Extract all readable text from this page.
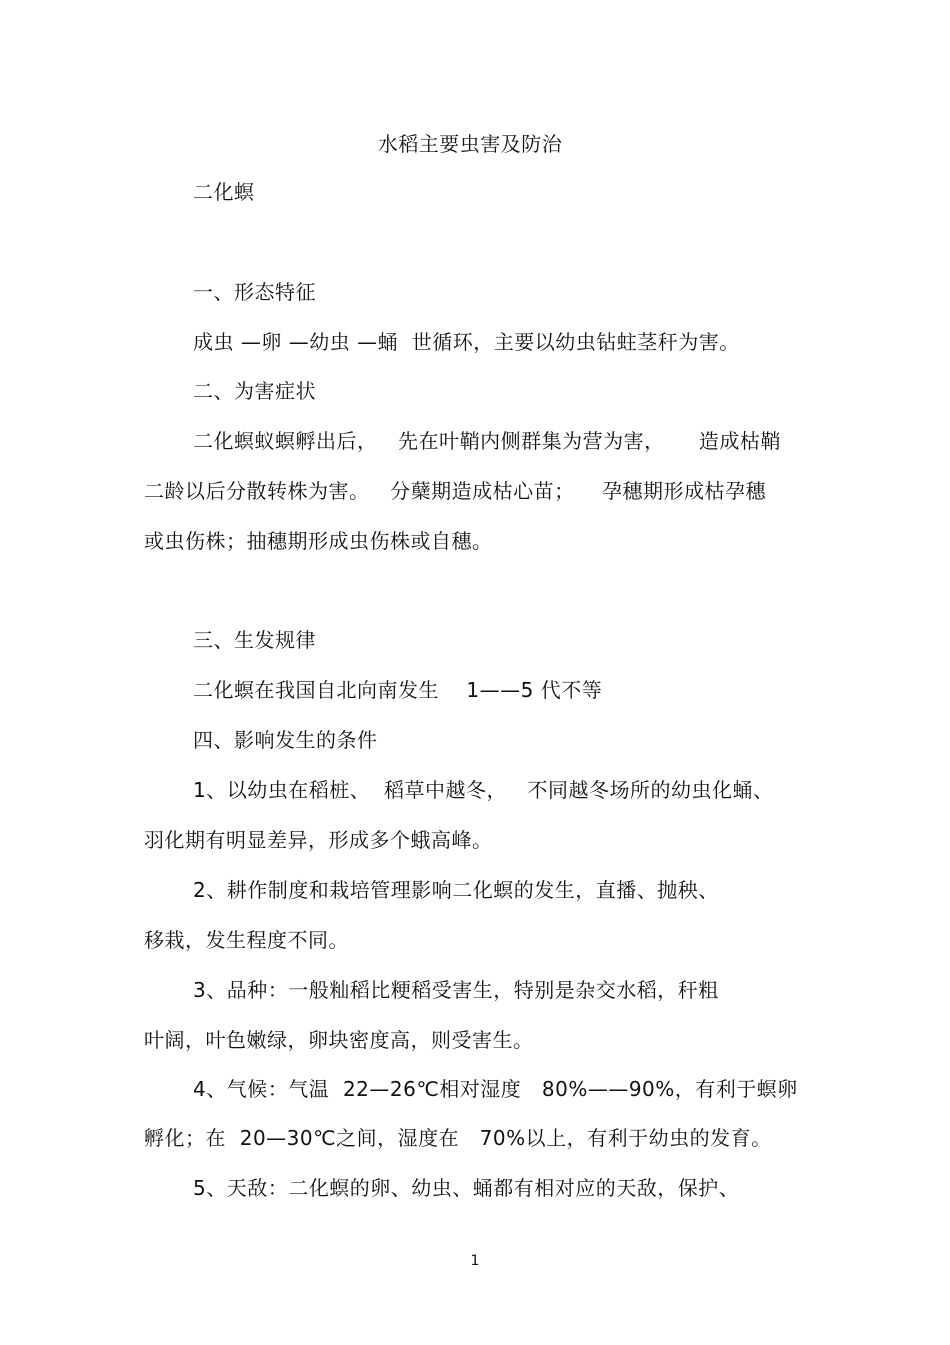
水稻主要虫害及防治
二化螟
一、形态特征
成虫 —卵 —幼虫 —蛹  世循环，主要以幼虫钻蛀茎秆为害。
二、为害症状
二化螟蚁螟孵出后，   先在叶鞘内侧群集为营为害，     造成枯鞘
二龄以后分散转株为害。   分蘖期造成枯心苗；    孕穗期形成枯孕穗
或虫伤株；抽穗期形成虫伤株或自穗。
三、生发规律
二化螟在我国自北向南发生    1——5 代不等
四、影响发生的条件
1、以幼虫在稻桩、  稻草中越冬，   不同越冬场所的幼虫化蛹、
羽化期有明显差异，形成多个蛾高峰。
2、耕作制度和栽培管理影响二化螟的发生，直播、抛秧、
移栽，发生程度不同。
3、品种：一般籼稻比粳稻受害生，特别是杂交水稻，秆粗
叶阔，叶色嫩绿，卵块密度高，则受害生。
4、气候：气温  22—26℃相对湿度   80%——90%，有利于螟卵
孵化；在  20—30℃之间，湿度在   70%以上，有利于幼虫的发育。
5、天敌：二化螟的卵、幼虫、蛹都有相对应的天敌，保护、
1
